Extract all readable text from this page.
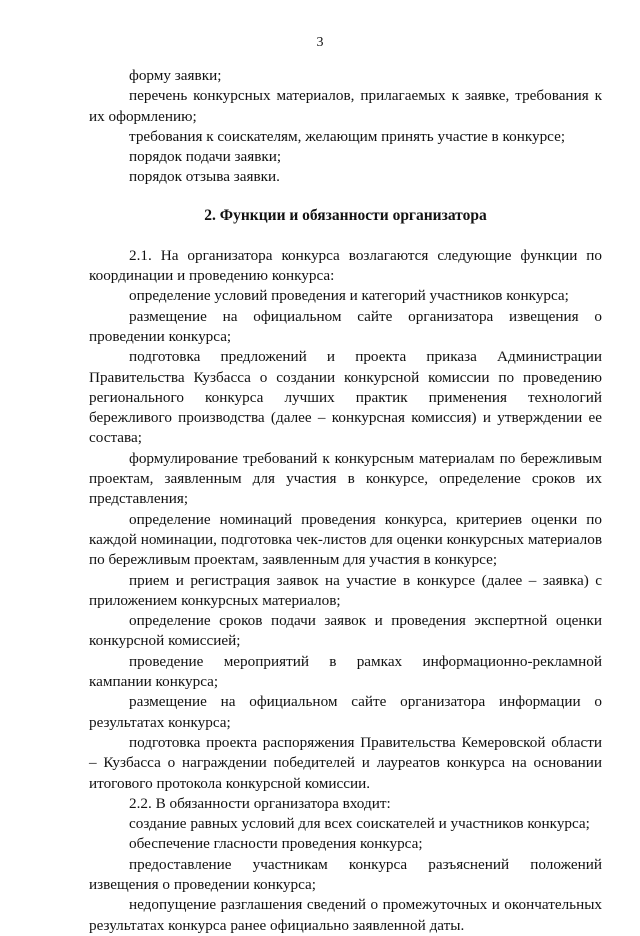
3

форму заявки;

перечень конкурсных материалов, прилагаемых к заявке, требования к их оформлению;

требования к соискателям, желающим принять участие в конкурсе;

порядок подачи заявки;

порядок отзыва заявки.

2. Функции и обязанности организатора

2.1. На организатора конкурса возлагаются следующие функции по координации и проведению конкурса:

определение условий проведения и категорий участников конкурса;

размещение на официальном сайте организатора извещения о проведении конкурса;

подготовка предложений и проекта приказа Администрации Правительства Кузбасса о создании конкурсной комиссии по проведению регионального конкурса лучших практик применения технологий бережливого производства (далее – конкурсная комиссия) и утверждении ее состава;

формулирование требований к конкурсным материалам по бережливым проектам, заявленным для участия в конкурсе, определение сроков их представления;

определение номинаций проведения конкурса, критериев оценки по каждой номинации, подготовка чек-листов для оценки конкурсных материалов по бережливым проектам, заявленным для участия в конкурсе;

прием и регистрация заявок на участие в конкурсе (далее – заявка) с приложением конкурсных материалов;

определение сроков подачи заявок и проведения экспертной оценки конкурсной комиссией;

проведение мероприятий в рамках информационно-рекламной кампании конкурса;

размещение на официальном сайте организатора информации о результатах конкурса;

подготовка проекта распоряжения Правительства Кемеровской области – Кузбасса о награждении победителей и лауреатов конкурса на основании итогового протокола конкурсной комиссии.

2.2. В обязанности организатора входит:

создание равных условий для всех соискателей и участников конкурса;

обеспечение гласности проведения конкурса;

предоставление участникам конкурса разъяснений положений извещения о проведении конкурса;

недопущение разглашения сведений о промежуточных и окончательных результатах конкурса ранее официально заявленной даты.
